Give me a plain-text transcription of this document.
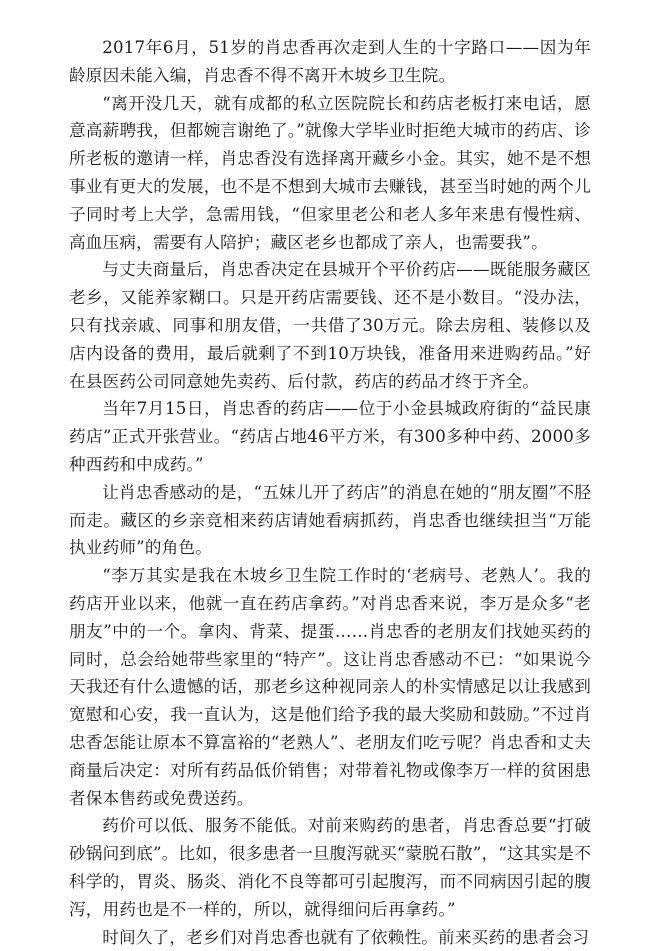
2017年6月，51岁的肖忠香再次走到人生的十字路口——因为年龄原因未能入编，肖忠香不得不离开木坡乡卫生院。

“离开没几天，就有成都的私立医院院长和药店老板打来电话，愿意高薪聘我，但都婉言谢绝了。”就像大学毕业时拒绝大城市的药店、诊所老板的邀请一样，肖忠香没有选择离开藏乡小金。其实，她不是不想事业有更大的发展，也不是不想到大城市去赚钱，甚至当时她的两个儿子同时考上大学，急需用钱，“但家里老公和老人多年来患有慢性病、高血压病，需要有人陪护；藏区老乡也都成了亲人，也需要我”。

与丈夫商量后，肖忠香决定在县城开个平价药店——既能服务藏区老乡，又能养家糊口。只是开药店需要钱、还不是小数目。“没办法，只有找亲戚、同事和朋友借，一共借了30万元。除去房租、装修以及店内设备的费用，最后就剩了不到10万块钱，准备用来进购药品。”好在县医药公司同意她先卖药、后付款，药店的药品才终于齐全。

当年7月15日，肖忠香的药店——位于小金县城政府街的“益民康药店”正式开张营业。“药店占地46平方米，有300多种中药、2000多种西药和中成药。”

让肖忠香感动的是，“五妹儿开了药店”的消息在她的“朋友圈”不胫而走。藏区的乡亲竞相来药店请她看病抓药，肖忠香也继续担当“万能执业药师”的角色。

“李万其实是我在木坡乡卫生院工作时的‘老病号、老熟人’。我的药店开业以来，他就一直在药店拿药。”对肖忠香来说，李万是众多“老朋友”中的一个。拿肉、背菜、提蛋……肖忠香的老朋友们找她买药的同时，总会给她带些家里的“特产”。这让肖忠香感动不已：“如果说今天我还有什么遗憾的话，那老乡这种视同亲人的朴实情感足以让我感到宽慰和心安，我一直认为，这是他们给予我的最大奖励和鼓励。”不过肖忠香怎能让原本不算富裕的“老熟人”、老朋友们吃亏呢？肖忠香和丈夫商量后决定：对所有药品低价销售；对带着礼物或像李万一样的贫困患者保本售药或免费送药。

药价可以低、服务不能低。对前来购药的患者，肖忠香总要“打破砂锅问到底”。比如，很多患者一旦腹泻就买“蒙脱石散”，“这其实是不科学的，胃炎、肠炎、消化不良等都可引起腹泻，而不同病因引起的腹泻，用药也是不一样的，所以，就得细问后再拿药。”

时间久了，老乡们对肖忠香也就有了依赖性。前来买药的患者会习
